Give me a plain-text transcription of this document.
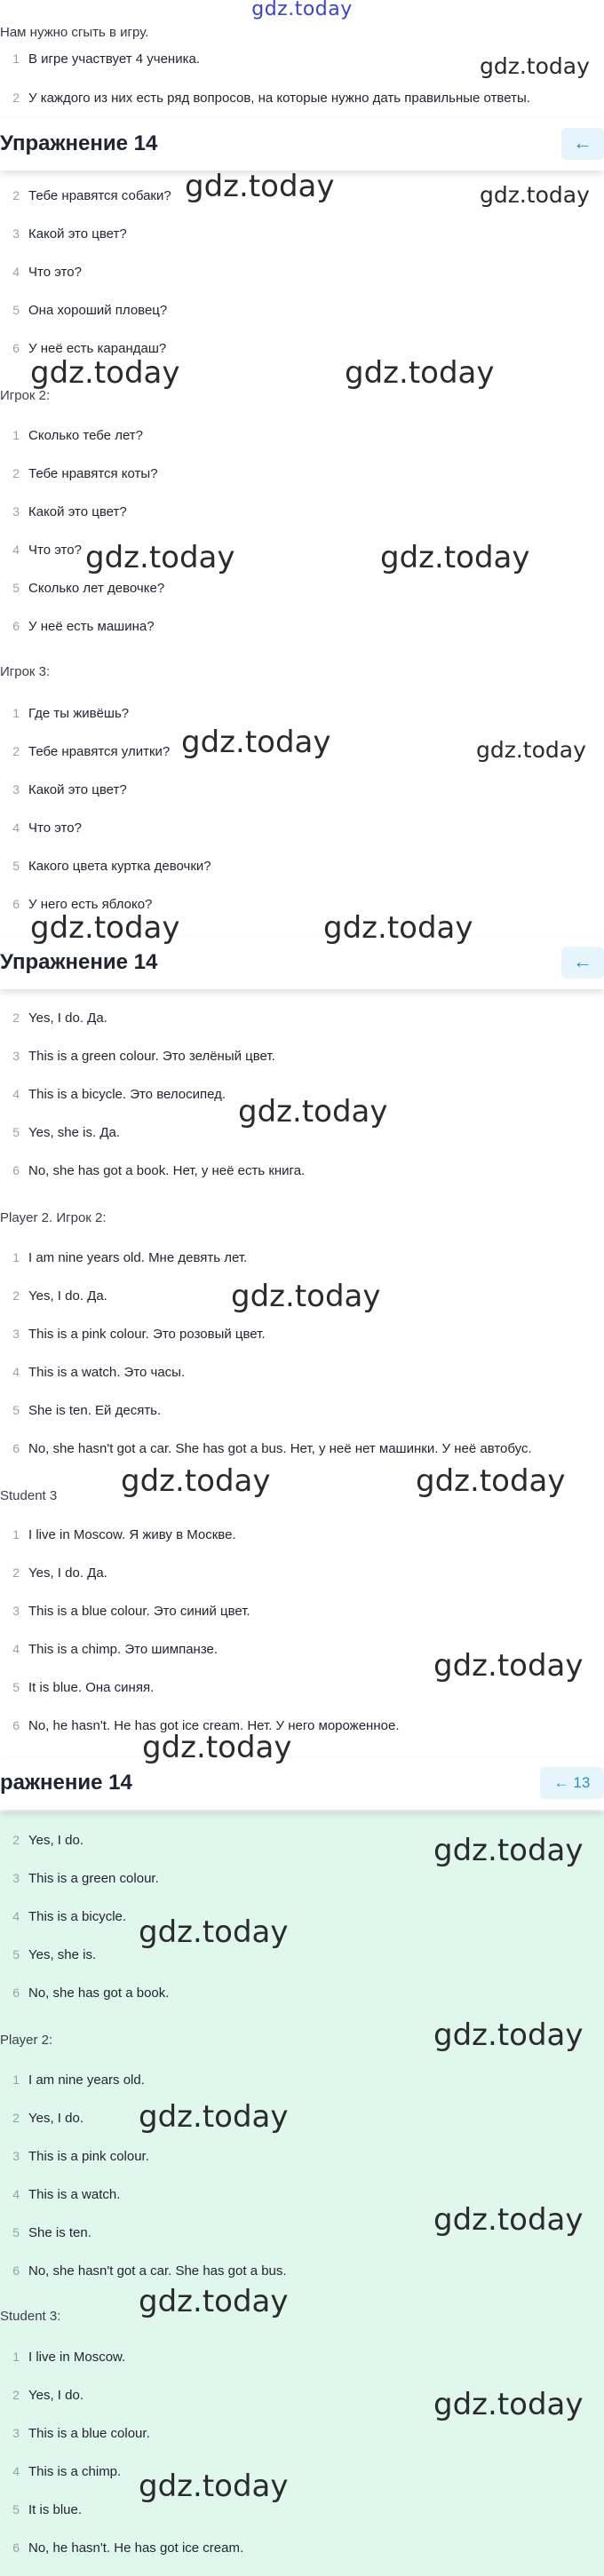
gdz.today
Нам нужно сгыть в игру.
1 В игре участвует 4 ученика.
2 У каждого из них есть ряд вопросов, на которые нужно дать правильные ответы.
Упражнение 14	←
2 Тебе нравятся собаки?
3 Какой это цвет?
4 Что это?
5 Она хороший пловец?
6 У неё есть карандаш?
Игрок 2:
1 Сколько тебе лет?
2 Тебе нравятся коты?
3 Какой это цвет?
4 Что это?
5 Сколько лет девочке?
6 У неё есть машина?
Игрок 3:
1 Где ты живёшь?
2 Тебе нравятся улитки?
3 Какой это цвет?
4 Что это?
5 Какого цвета куртка девочки?
6 У него есть яблоко?
Упражнение 14	←
2 Yes, I do. Да.
3 This is a green colour. Это зелёный цвет.
4 This is a bicycle. Это велосипед.
5 Yes, she is. Да.
6 No, she has got a book. Нет, у неё есть книга.
Player 2. Игрок 2:
1 I am nine years old. Мне девять лет.
2 Yes, I do. Да.
3 This is a pink colour. Это розовый цвет.
4 This is a watch. Это часы.
5 She is ten. Ей десять.
6 No, she hasn't got a car. She has got a bus. Нет, у неё нет машинки. У неё автобус.
Student 3
1 I live in Moscow. Я живу в Москве.
2 Yes, I do. Да.
3 This is a blue colour. Это синий цвет.
4 This is a chimp. Это шимпанзе.
5 It is blue. Она синяя.
6 No, he hasn't. He has got ice cream. Нет. У него мороженное.
ражнение 14	← 13
2 Yes, I do.
3 This is a green colour.
4 This is a bicycle.
5 Yes, she is.
6 No, she has got a book.
Player 2:
1 I am nine years old.
2 Yes, I do.
3 This is a pink colour.
4 This is a watch.
5 She is ten.
6 No, she hasn't got a car. She has got a bus.
Student 3:
1 I live in Moscow.
2 Yes, I do.
3 This is a blue colour.
4 This is a chimp.
5 It is blue.
6 No, he hasn't. He has got ice cream.
gdz.today
gdz.today	gdz.today
gdz.today	gdz.today
gdz.today	gdz.today
gdz.today	gdz.today
gdz.today	gdz.today
gdz.today
gdz.today
gdz.today	gdz.today
gdz.today
gdz.today
gdz.today
gdz.today
gdz.today
gdz.today
gdz.today
gdz.today
gdz.today
gdz.today
